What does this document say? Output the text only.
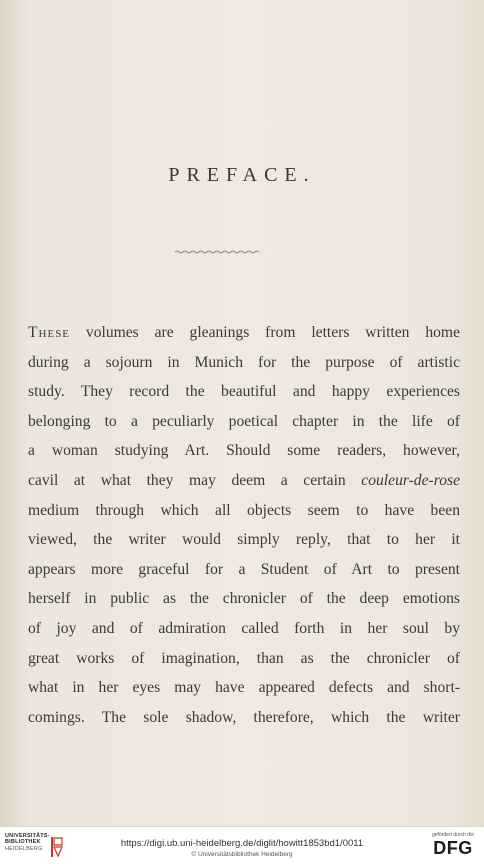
PREFACE.
These volumes are gleanings from letters written home
during a sojourn in Munich for the purpose of artistic
study. They record the beautiful and happy experiences
belonging to a peculiarly poetical chapter in the life of
a woman studying Art. Should some readers, however,
cavil at what they may deem a certain couleur-de-rose
medium through which all objects seem to have been
viewed, the writer would simply reply, that to her it
appears more graceful for a Student of Art to present
herself in public as the chronicler of the deep emotions
of joy and of admiration called forth in her soul by
great works of imagination, than as the chronicler of
what in her eyes may have appeared defects and short-
comings. The sole shadow, therefore, which the writer
UNIVERSITÄTS-
BIBLIOTHEK
HEIDELBERG	https://digi.ub.uni-heidelberg.de/diglit/howitt1853bd1/0011
© Universitätsbibliothek Heidelberg
gefördert durch die
DFG
